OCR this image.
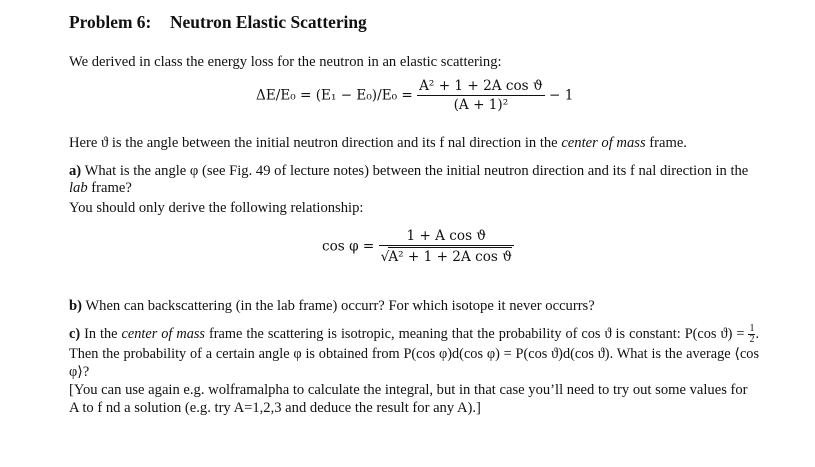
Problem 6: Neutron Elastic Scattering
We derived in class the energy loss for the neutron in an elastic scattering:
$\Delta E/E_0 = (E_1 - E_0)/E_0 = \frac{\text{A² + 1 + 2A cos ϑ}}{\text{(A + 1)²}} - 1$
Here ϑ is the angle between the initial neutron direction and its f nal direction in the center of mass frame.
a) What is the angle φ (see Fig. 49 of lecture notes) between the initial neutron direction and its f nal direction in the
lab frame?
You should only derive the following relationship:
$\cos \varphi = \frac{\text{1 + A cos ϑ}}{\text{√A² + 1 + 2A cos ϑ}}$
b) When can backscattering (in the lab frame) occurr? For which isotope it never occurrs?
c) In the center of mass frame the scattering is isotropic, meaning that the probability of cos ϑ is constant: P(cos $ϑ) = \frac{1}{2}$ . Then the probability of a certain angle φ is obtained from P(cos φ)d(cos φ) = P(cos ϑ)d(cos ϑ). What is the average ⟨cos φ⟩?
[You can use again e.g. wolframalpha to calculate the integral, but in that case you’ll need to try out some values for
A to f nd a solution (e.g. try A=1,2,3 and deduce the result for any A).]
